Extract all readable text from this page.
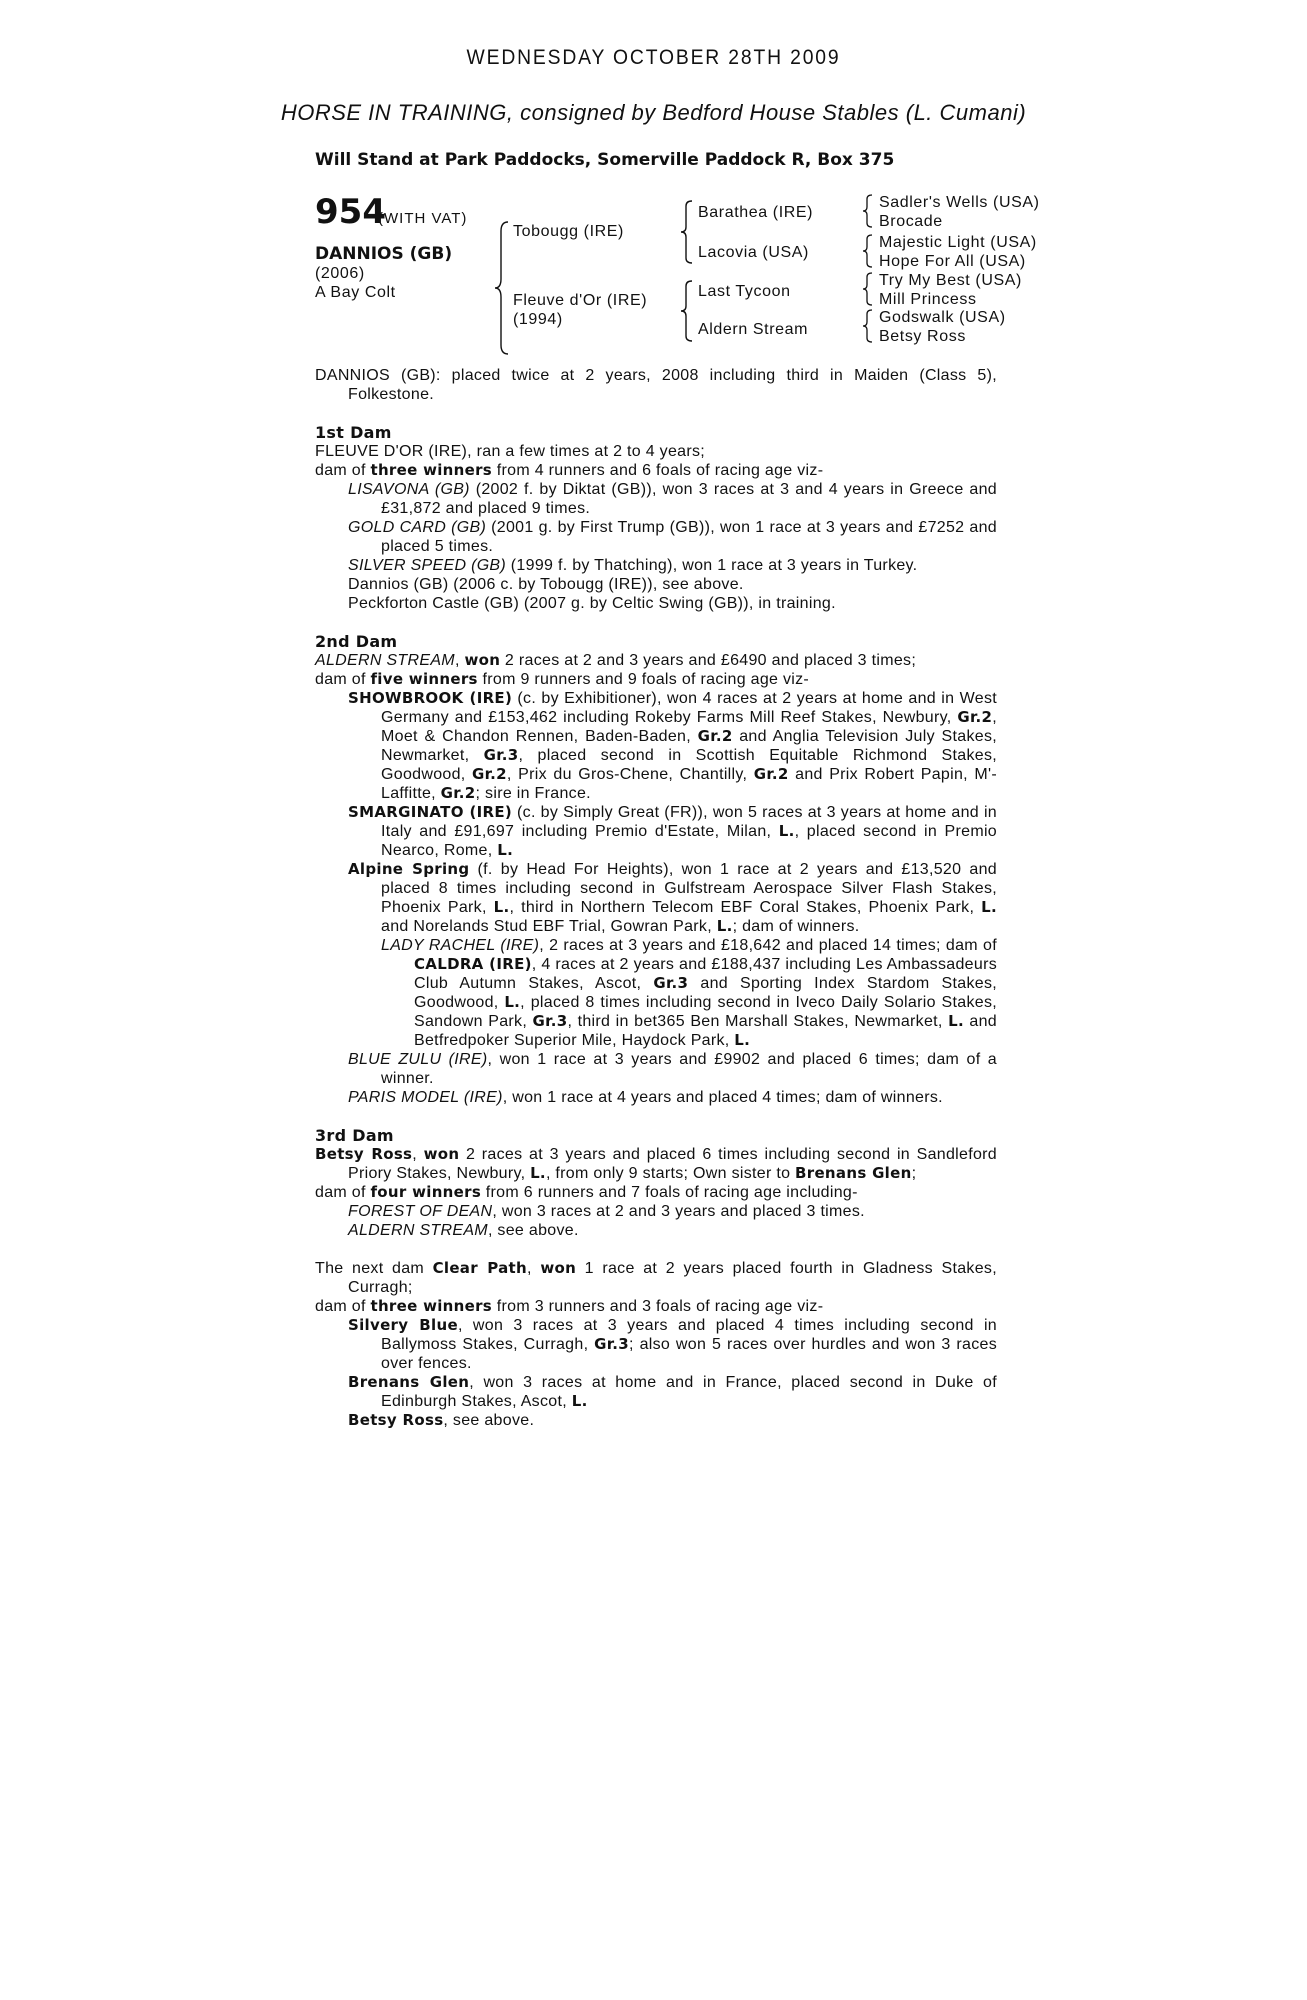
WEDNESDAY OCTOBER 28TH 2009
HORSE IN TRAINING, consigned by Bedford House Stables (L. Cumani)
Will Stand at Park Paddocks, Somerville Paddock R, Box 375
954
(WITH VAT)
DANNIOS (GB)
(2006)
A Bay Colt
Tobougg (IRE)
Fleuve d'Or (IRE)
(1994)
Barathea (IRE)
Lacovia (USA)
Last Tycoon
Aldern Stream
Sadler's Wells (USA)
Brocade
Majestic Light (USA)
Hope For All (USA)
Try My Best (USA)
Mill Princess
Godswalk (USA)
Betsy Ross

DANNIOS (GB): placed twice at 2 years, 2008 including third in Maiden (Class 5), Folkestone.

1st Dam

FLEUVE D'OR (IRE), ran a few times at 2 to 4 years;

dam of three winners from 4 runners and 6 foals of racing age viz-

LISAVONA (GB) (2002 f. by Diktat (GB)), won 3 races at 3 and 4 years in Greece and £31,872 and placed 9 times.

GOLD CARD (GB) (2001 g. by First Trump (GB)), won 1 race at 3 years and £7252 and placed 5 times.

SILVER SPEED (GB) (1999 f. by Thatching), won 1 race at 3 years in Turkey.

Dannios (GB) (2006 c. by Tobougg (IRE)), see above.

Peckforton Castle (GB) (2007 g. by Celtic Swing (GB)), in training.

2nd Dam

ALDERN STREAM, won 2 races at 2 and 3 years and £6490 and placed 3 times;

dam of five winners from 9 runners and 9 foals of racing age viz-

SHOWBROOK (IRE) (c. by Exhibitioner), won 4 races at 2 years at home and in West Germany and £153,462 including Rokeby Farms Mill Reef Stakes, Newbury, Gr.2, Moet & Chandon Rennen, Baden-Baden, Gr.2 and Anglia Television July Stakes, Newmarket, Gr.3, placed second in Scottish Equitable Richmond Stakes, Goodwood, Gr.2, Prix du Gros-Chene, Chantilly, Gr.2 and Prix Robert Papin, M'-Laffitte, Gr.2; sire in France.

SMARGINATO (IRE) (c. by Simply Great (FR)), won 5 races at 3 years at home and in Italy and £91,697 including Premio d'Estate, Milan, L., placed second in Premio Nearco, Rome, L.

Alpine Spring (f. by Head For Heights), won 1 race at 2 years and £13,520 and placed 8 times including second in Gulfstream Aerospace Silver Flash Stakes, Phoenix Park, L., third in Northern Telecom EBF Coral Stakes, Phoenix Park, L. and Norelands Stud EBF Trial, Gowran Park, L.; dam of winners.

LADY RACHEL (IRE), 2 races at 3 years and £18,642 and placed 14 times; dam of CALDRA (IRE), 4 races at 2 years and £188,437 including Les Ambassadeurs Club Autumn Stakes, Ascot, Gr.3 and Sporting Index Stardom Stakes, Goodwood, L., placed 8 times including second in Iveco Daily Solario Stakes, Sandown Park, Gr.3, third in bet365 Ben Marshall Stakes, Newmarket, L. and Betfredpoker Superior Mile, Haydock Park, L.

BLUE ZULU (IRE), won 1 race at 3 years and £9902 and placed 6 times; dam of a winner.

PARIS MODEL (IRE), won 1 race at 4 years and placed 4 times; dam of winners.

3rd Dam

Betsy Ross, won 2 races at 3 years and placed 6 times including second in Sandleford Priory Stakes, Newbury, L., from only 9 starts; Own sister to Brenans Glen;

dam of four winners from 6 runners and 7 foals of racing age including-

FOREST OF DEAN, won 3 races at 2 and 3 years and placed 3 times.

ALDERN STREAM, see above.

The next dam Clear Path, won 1 race at 2 years placed fourth in Gladness Stakes, Curragh;

dam of three winners from 3 runners and 3 foals of racing age viz-

Silvery Blue, won 3 races at 3 years and placed 4 times including second in Ballymoss Stakes, Curragh, Gr.3; also won 5 races over hurdles and won 3 races over fences.

Brenans Glen, won 3 races at home and in France, placed second in Duke of Edinburgh Stakes, Ascot, L.

Betsy Ross, see above.
